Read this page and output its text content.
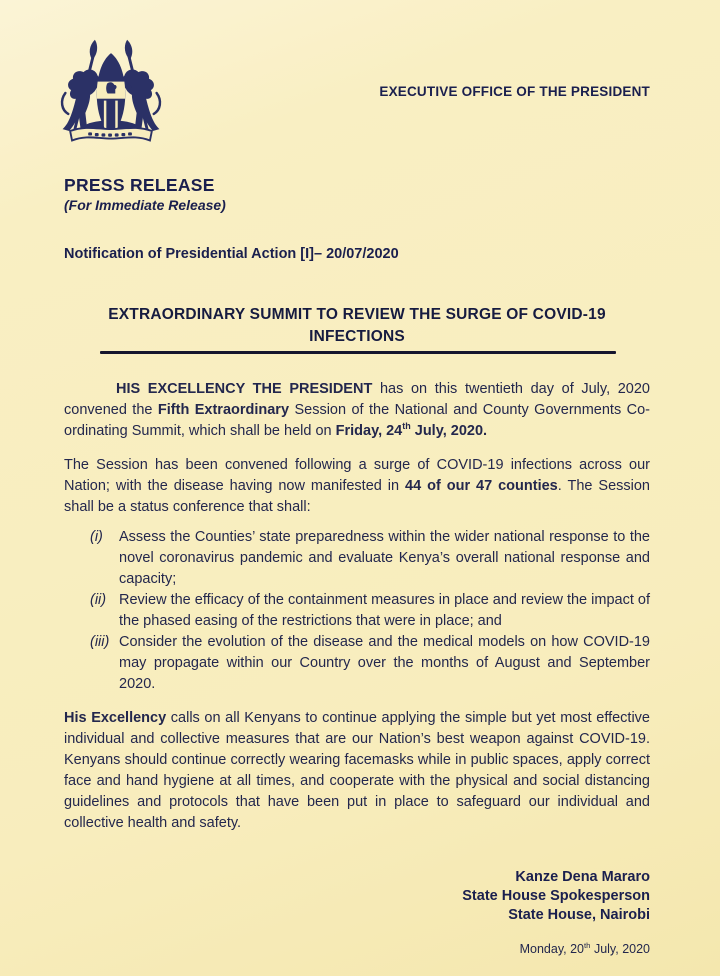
EXECUTIVE OFFICE OF THE PRESIDENT
PRESS RELEASE
(For Immediate Release)
Notification of Presidential Action [I]– 20/07/2020
EXTRAORDINARY SUMMIT TO REVIEW THE SURGE OF COVID-19
INFECTIONS
HIS EXCELLENCY THE PRESIDENT has on this twentieth day of July, 2020 convened the Fifth Extraordinary Session of the National and County Governments Co-ordinating Summit, which shall be held on Friday, 24th July, 2020.
The Session has been convened following a surge of COVID-19 infections across our Nation; with the disease having now manifested in 44 of our 47 counties. The Session shall be a status conference that shall:
(i)	Assess the Counties’ state preparedness within the wider national response to the novel coronavirus pandemic and evaluate Kenya’s overall national response and capacity;
(ii) Review the efficacy of the containment measures in place and review the impact of the phased easing of the restrictions that were in place; and
(iii) Consider the evolution of the disease and the medical models on how COVID-19 may propagate within our Country over the months of August and September 2020.
His Excellency calls on all Kenyans to continue applying the simple but yet most effective individual and collective measures that are our Nation’s best weapon against COVID-19. Kenyans should continue correctly wearing facemasks while in public spaces, apply correct face and hand hygiene at all times, and cooperate with the physical and social distancing guidelines and protocols that have been put in place to safeguard our individual and collective health and safety.
Kanze Dena Mararo
State House Spokesperson
State House, Nairobi
Monday, 20th July, 2020
